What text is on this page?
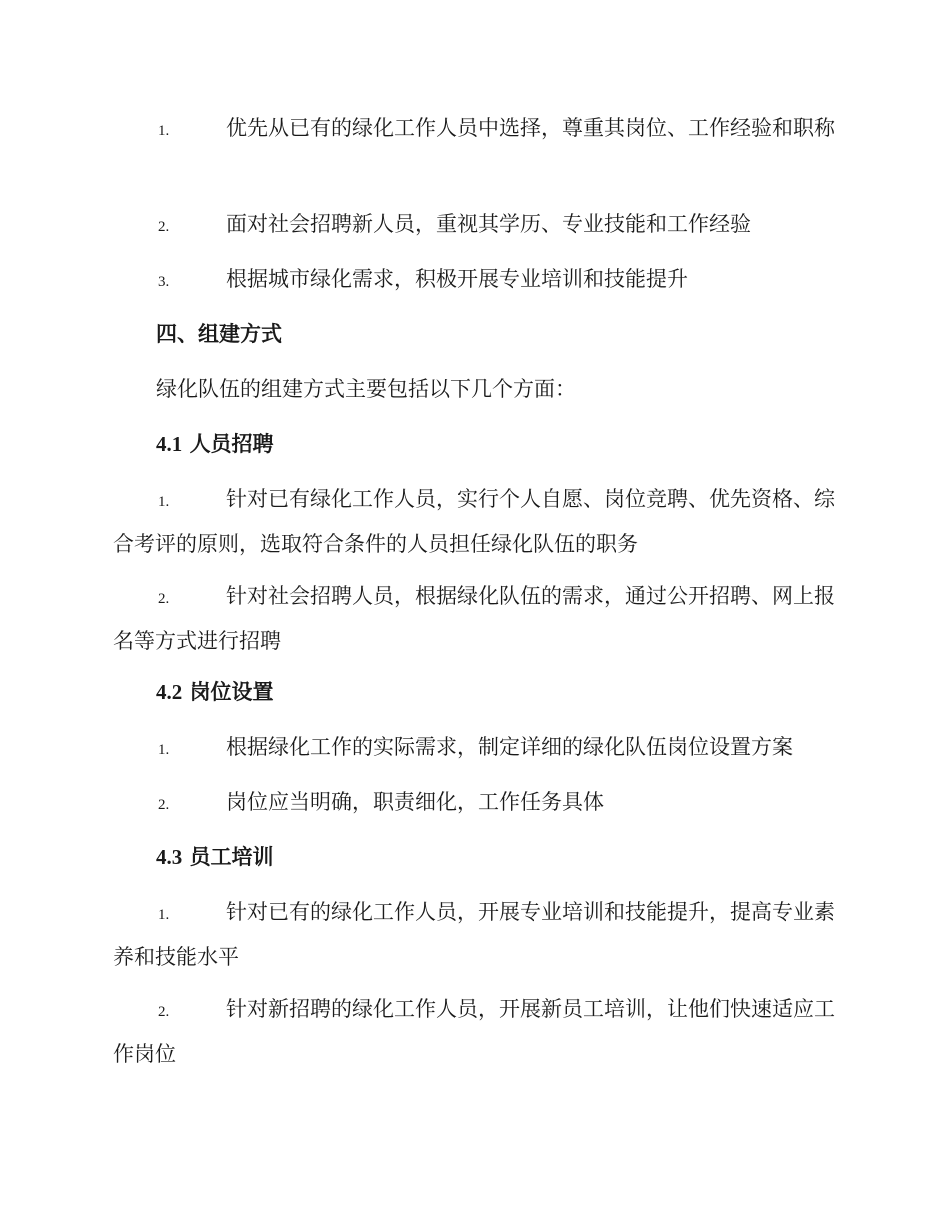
1.	优先从已有的绿化工作人员中选择，尊重其岗位、工作经验和职称
2.	面对社会招聘新人员，重视其学历、专业技能和工作经验
3.	根据城市绿化需求，积极开展专业培训和技能提升
四、组建方式
绿化队伍的组建方式主要包括以下几个方面：
4.1 人员招聘
1.	针对已有绿化工作人员，实行个人自愿、岗位竞聘、优先资格、综合考评的原则，选取符合条件的人员担任绿化队伍的职务
2.	针对社会招聘人员，根据绿化队伍的需求，通过公开招聘、网上报名等方式进行招聘
4.2 岗位设置
1.	根据绿化工作的实际需求，制定详细的绿化队伍岗位设置方案
2.	岗位应当明确，职责细化，工作任务具体
4.3 员工培训
1.	针对已有的绿化工作人员，开展专业培训和技能提升，提高专业素养和技能水平
2.	针对新招聘的绿化工作人员，开展新员工培训，让他们快速适应工作岗位
